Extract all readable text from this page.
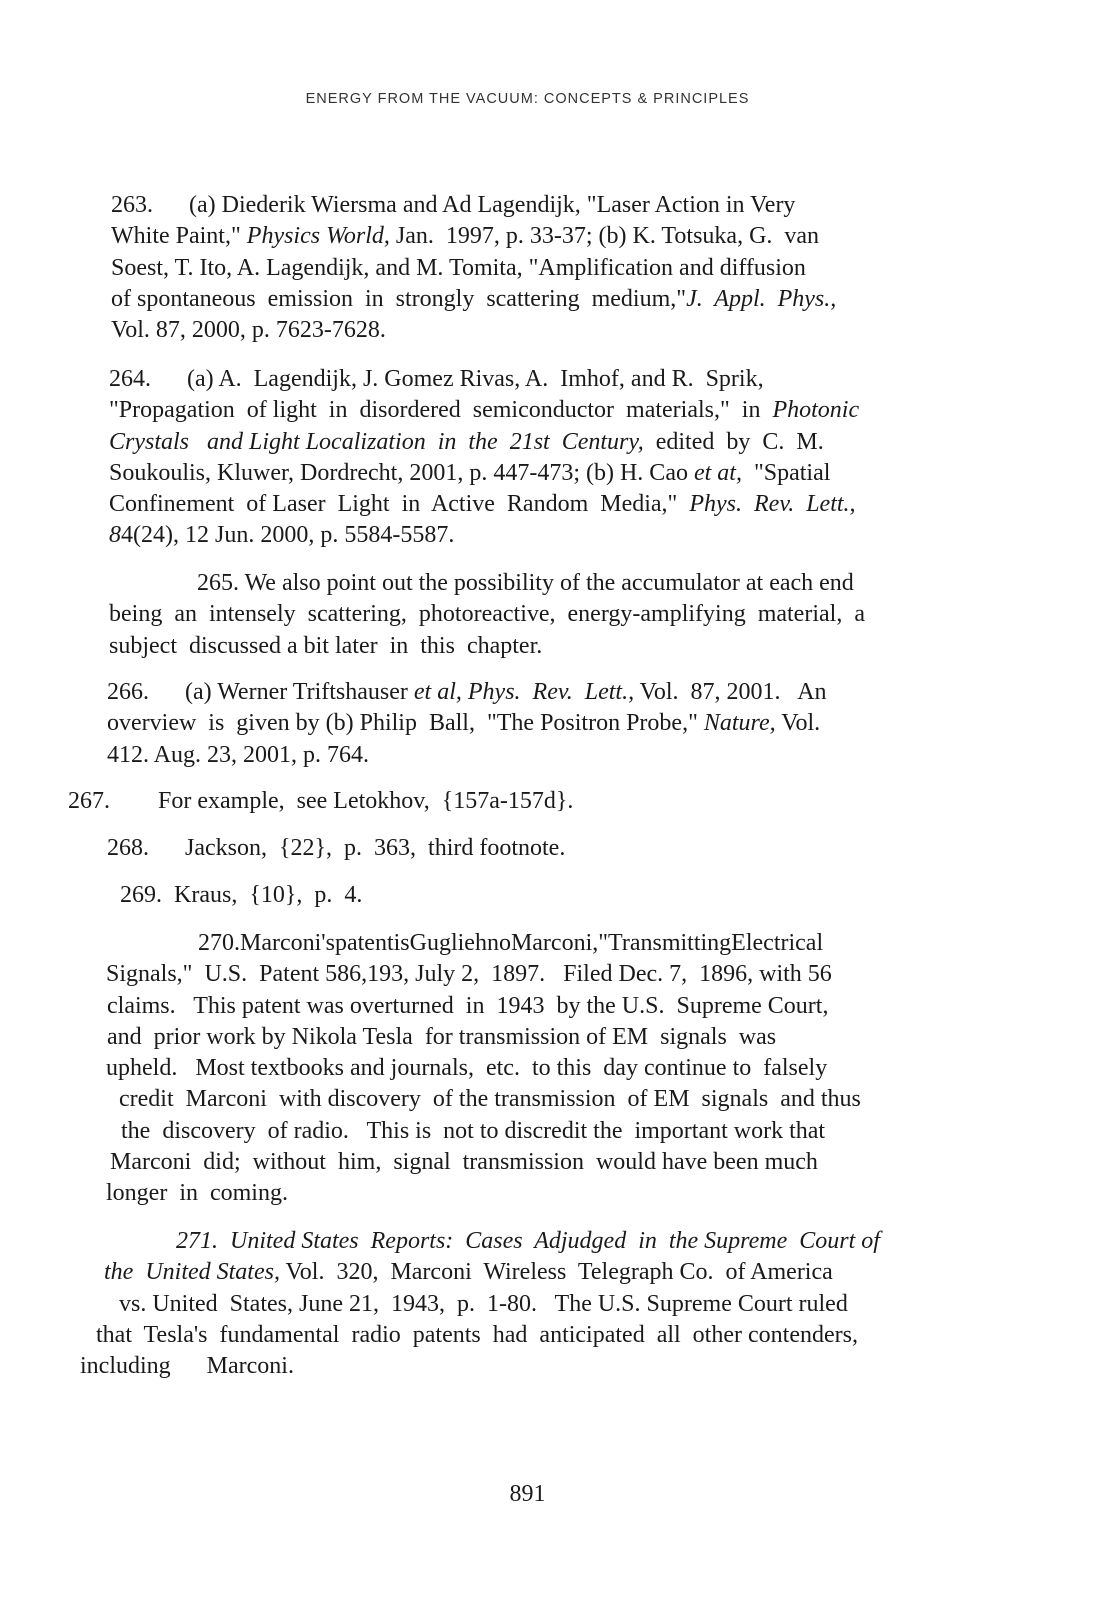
ENERGY FROM THE VACUUM: CONCEPTS & PRINCIPLES

263.      (a) Diederik Wiersma and Ad Lagendijk, "Laser Action in Very

White Paint," Physics World, Jan.  1997, p. 33-37; (b) K. Totsuka, G.  van

Soest, T. Ito, A. Lagendijk, and M. Tomita, "Amplification and diffusion

of spontaneous  emission  in  strongly  scattering  medium,"J.  Appl.  Phys.,

Vol. 87, 2000, p. 7623-7628.

264.      (a) A.  Lagendijk, J. Gomez Rivas, A.  Imhof, and R.  Sprik,

"Propagation  of light  in  disordered  semiconductor  materials,"  in  Photonic

Crystals   and Light Localization  in  the  21st  Century,  edited  by  C.  M.

Soukoulis, Kluwer, Dordrecht, 2001, p. 447-473; (b) H. Cao et at,  "Spatial

Confinement  of Laser  Light  in  Active  Random  Media,"  Phys.  Rev.  Lett.,

84(24), 12 Jun. 2000, p. 5584-5587.

265. We also point out the possibility of the accumulator at each end

being  an  intensely  scattering,  photoreactive,  energy-amplifying  material,  a

subject  discussed a bit later  in  this  chapter.

266.      (a) Werner Triftshauser et al, Phys.  Rev.  Lett., Vol.  87, 2001.   An

overview  is  given by (b) Philip  Ball,  "The Positron Probe," Nature, Vol.

412. Aug. 23, 2001, p. 764.

267.        For example,  see Letokhov,  {157a-157d}.

268.      Jackson,  {22},  p.  363,  third footnote.

269.  Kraus,  {10},  p.  4.

270.Marconi'spatentisGugliehnoMarconi,"TransmittingElectrical

Signals,"  U.S.  Patent 586,193, July 2,  1897.   Filed Dec. 7,  1896, with 56

claims.   This patent was overturned  in  1943  by the U.S.  Supreme Court,

and  prior work by Nikola Tesla  for transmission of EM  signals  was

upheld.   Most textbooks and journals,  etc.  to this  day continue to  falsely

credit  Marconi  with discovery  of the transmission  of EM  signals  and thus

the  discovery  of radio.   This is  not to discredit the  important work that

Marconi  did;  without  him,  signal  transmission  would have been much

longer  in  coming.

271.  United States  Reports:  Cases  Adjudged  in  the Supreme  Court of

the  United States, Vol.  320,  Marconi  Wireless  Telegraph Co.  of America

vs. United  States, June 21,  1943,  p.  1-80.   The U.S. Supreme Court ruled

that  Tesla's  fundamental  radio  patents  had  anticipated  all  other contenders,

including      Marconi.

891
